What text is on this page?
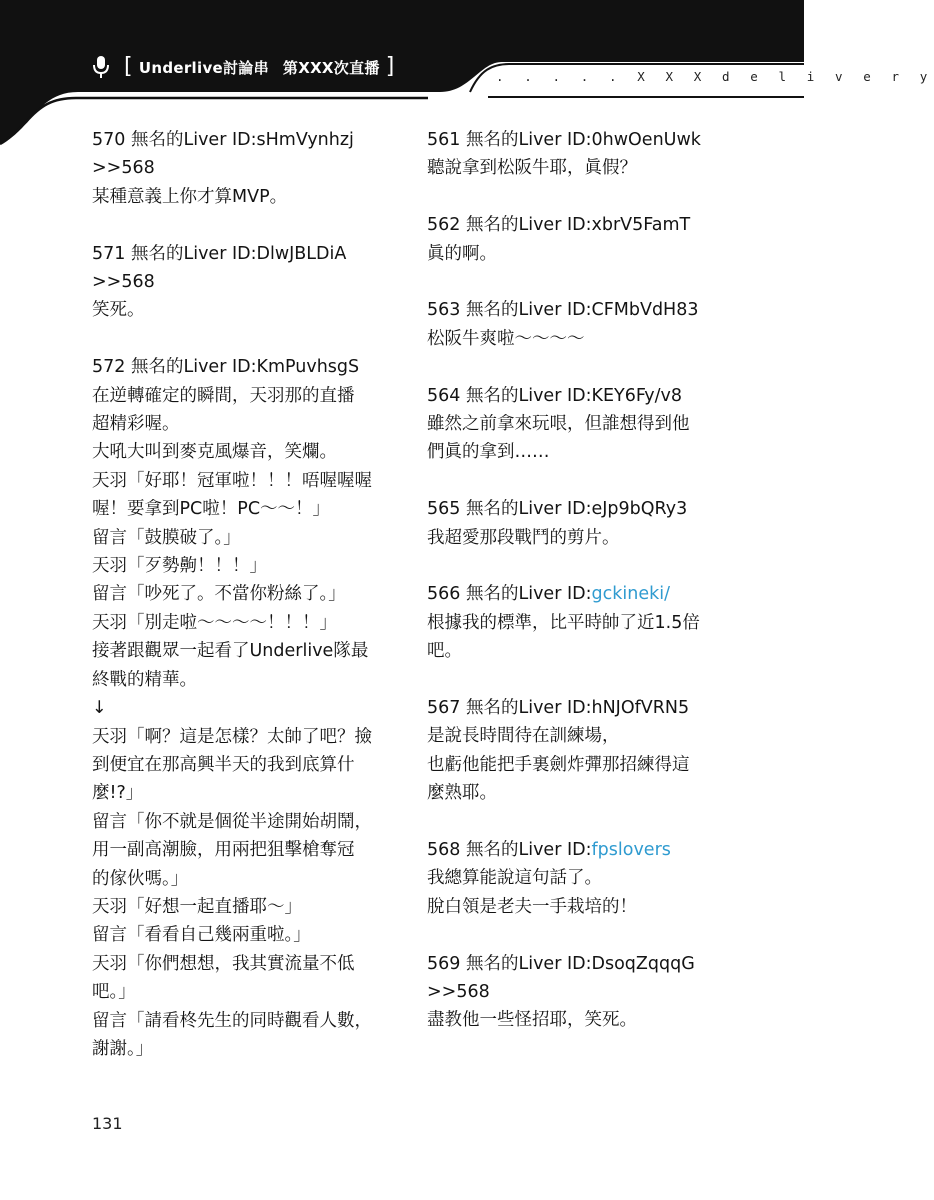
[ Underlive討論串 第XXX次直播 ]	. . . . . X X X d e l i v e r y
570 無名的Liver ID:sHmVynhzj
>>568
某種意義上你才算MVP。
571 無名的Liver ID:DlwJBLDiA
>>568
笑死。
572 無名的Liver ID:KmPuvhsgS
在逆轉確定的瞬間，天羽那的直播
超精彩喔。
大吼大叫到麥克風爆音，笑爛。
天羽「好耶！冠軍啦！！！唔喔喔喔
喔！要拿到PC啦！PC〜〜！」
留言「鼓膜破了。」
天羽「歹勢齁！！！」
留言「吵死了。不當你粉絲了。」
天羽「別走啦〜〜〜〜！！！」
接著跟觀眾一起看了Underlive隊最
終戰的精華。
↓
天羽「啊？這是怎樣？太帥了吧？撿
到便宜在那高興半天的我到底算什
麼!?」
留言「你不就是個從半途開始胡鬧，
用一副高潮臉，用兩把狙擊槍奪冠
的傢伙嗎。」
天羽「好想一起直播耶〜」
留言「看看自己幾兩重啦。」
天羽「你們想想，我其實流量不低
吧。」
留言「請看柊先生的同時觀看人數，
謝謝。」
561 無名的Liver ID:0hwOenUwk
聽說拿到松阪牛耶，眞假？
562 無名的Liver ID:xbrV5FamT
眞的啊。
563 無名的Liver ID:CFMbVdH83
松阪牛爽啦〜〜〜〜
564 無名的Liver ID:KEY6Fy/v8
雖然之前拿來玩哏，但誰想得到他
們眞的拿到……
565 無名的Liver ID:eJp9bQRy3
我超愛那段戰鬥的剪片。
566 無名的Liver ID:gckineki/
根據我的標準，比平時帥了近1.5倍
吧。
567 無名的Liver ID:hNJOfVRN5
是說長時間待在訓練場，
也虧他能把手裏劍炸彈那招練得這
麼熟耶。
568 無名的Liver ID:fpslovers
我總算能說這句話了。
脫白領是老夫一手栽培的！
569 無名的Liver ID:DsoqZqqqG
>>568
盡教他一些怪招耶，笑死。
131
